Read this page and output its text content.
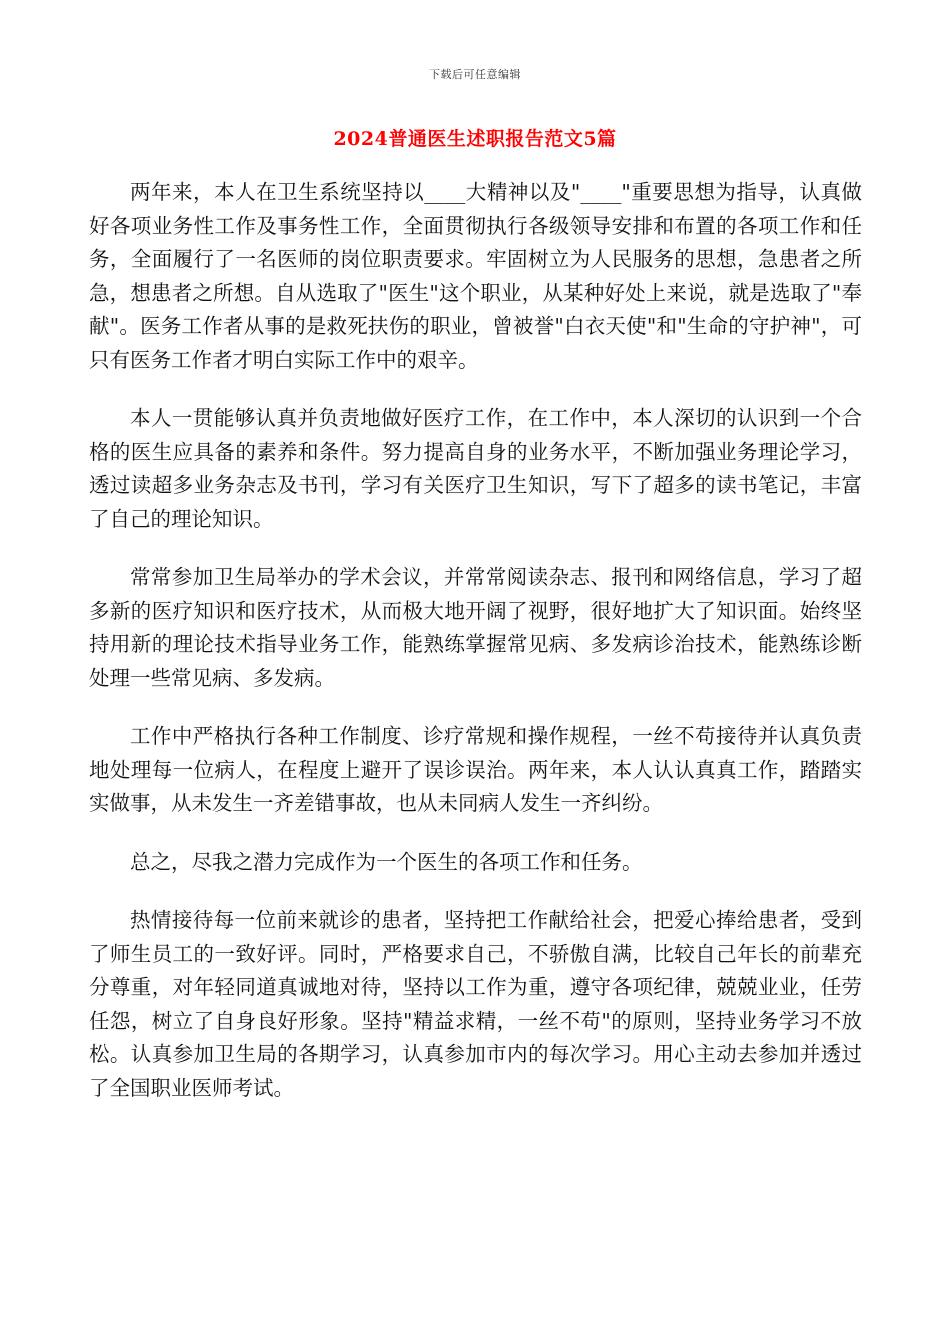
下载后可任意编辑
2024普通医生述职报告范文5篇

两年来，本人在卫生系统坚持以____大精神以及"____"重要思想为指导，认真做好各项业务性工作及事务性工作，全面贯彻执行各级领导安排和布置的各项工作和任务，全面履行了一名医师的岗位职责要求。牢固树立为人民服务的思想，急患者之所急，想患者之所想。自从选取了"医生"这个职业，从某种好处上来说，就是选取了"奉献"。医务工作者从事的是救死扶伤的职业，曾被誉"白衣天使"和"生命的守护神"，可只有医务工作者才明白实际工作中的艰辛。

本人一贯能够认真并负责地做好医疗工作，在工作中，本人深切的认识到一个合格的医生应具备的素养和条件。努力提高自身的业务水平，不断加强业务理论学习，透过读超多业务杂志及书刊，学习有关医疗卫生知识，写下了超多的读书笔记，丰富了自己的理论知识。

常常参加卫生局举办的学术会议，并常常阅读杂志、报刊和网络信息，学习了超多新的医疗知识和医疗技术，从而极大地开阔了视野，很好地扩大了知识面。始终坚持用新的理论技术指导业务工作，能熟练掌握常见病、多发病诊治技术，能熟练诊断处理一些常见病、多发病。

工作中严格执行各种工作制度、诊疗常规和操作规程，一丝不苟接待并认真负责地处理每一位病人，在程度上避开了误诊误治。两年来，本人认认真真工作，踏踏实实做事，从未发生一齐差错事故，也从未同病人发生一齐纠纷。

总之，尽我之潜力完成作为一个医生的各项工作和任务。

热情接待每一位前来就诊的患者，坚持把工作献给社会，把爱心捧给患者，受到了师生员工的一致好评。同时，严格要求自己，不骄傲自满，比较自己年长的前辈充分尊重，对年轻同道真诚地对待，坚持以工作为重，遵守各项纪律，兢兢业业，任劳任怨，树立了自身良好形象。坚持"精益求精，一丝不苟"的原则，坚持业务学习不放松。认真参加卫生局的各期学习，认真参加市内的每次学习。用心主动去参加并透过了全国职业医师考试。
